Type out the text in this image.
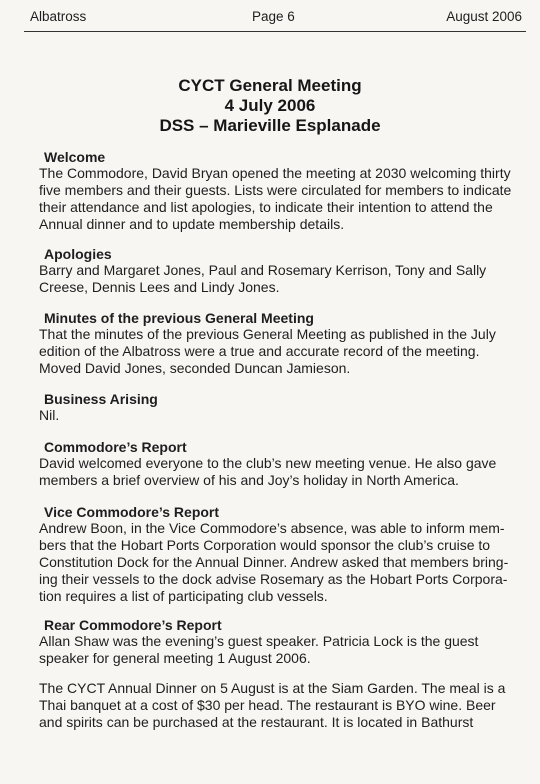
Albatross	Page 6	August 2006
CYCT General Meeting
4 July 2006
DSS – Marieville Esplanade
Welcome
The Commodore, David Bryan opened the meeting at 2030 welcoming thirty
five members and their guests. Lists were circulated for members to indicate
their attendance and list apologies, to indicate their intention to attend the
Annual dinner and to update membership details.
Apologies
Barry and Margaret Jones, Paul and Rosemary Kerrison, Tony and Sally
Creese, Dennis Lees and Lindy Jones.
Minutes of the previous General Meeting
That the minutes of the previous General Meeting as published in the July
edition of the Albatross were a true and accurate record of the meeting.
Moved David Jones, seconded Duncan Jamieson.
Business Arising
Nil.
Commodore’s Report
David welcomed everyone to the club’s new meeting venue. He also gave
members a brief overview of his and Joy’s holiday in North America.
Vice Commodore’s Report
Andrew Boon, in the Vice Commodore’s absence, was able to inform mem-
bers that the Hobart Ports Corporation would sponsor the club’s cruise to
Constitution Dock for the Annual Dinner. Andrew asked that members bring-
ing their vessels to the dock advise Rosemary as the Hobart Ports Corpora-
tion requires a list of participating club vessels.
Rear Commodore’s Report
Allan Shaw was the evening’s guest speaker. Patricia Lock is the guest
speaker for general meeting 1 August 2006.
The CYCT Annual Dinner on 5 August is at the Siam Garden. The meal is a
Thai banquet at a cost of $30 per head. The restaurant is BYO wine. Beer
and spirits can be purchased at the restaurant. It is located in Bathurst
